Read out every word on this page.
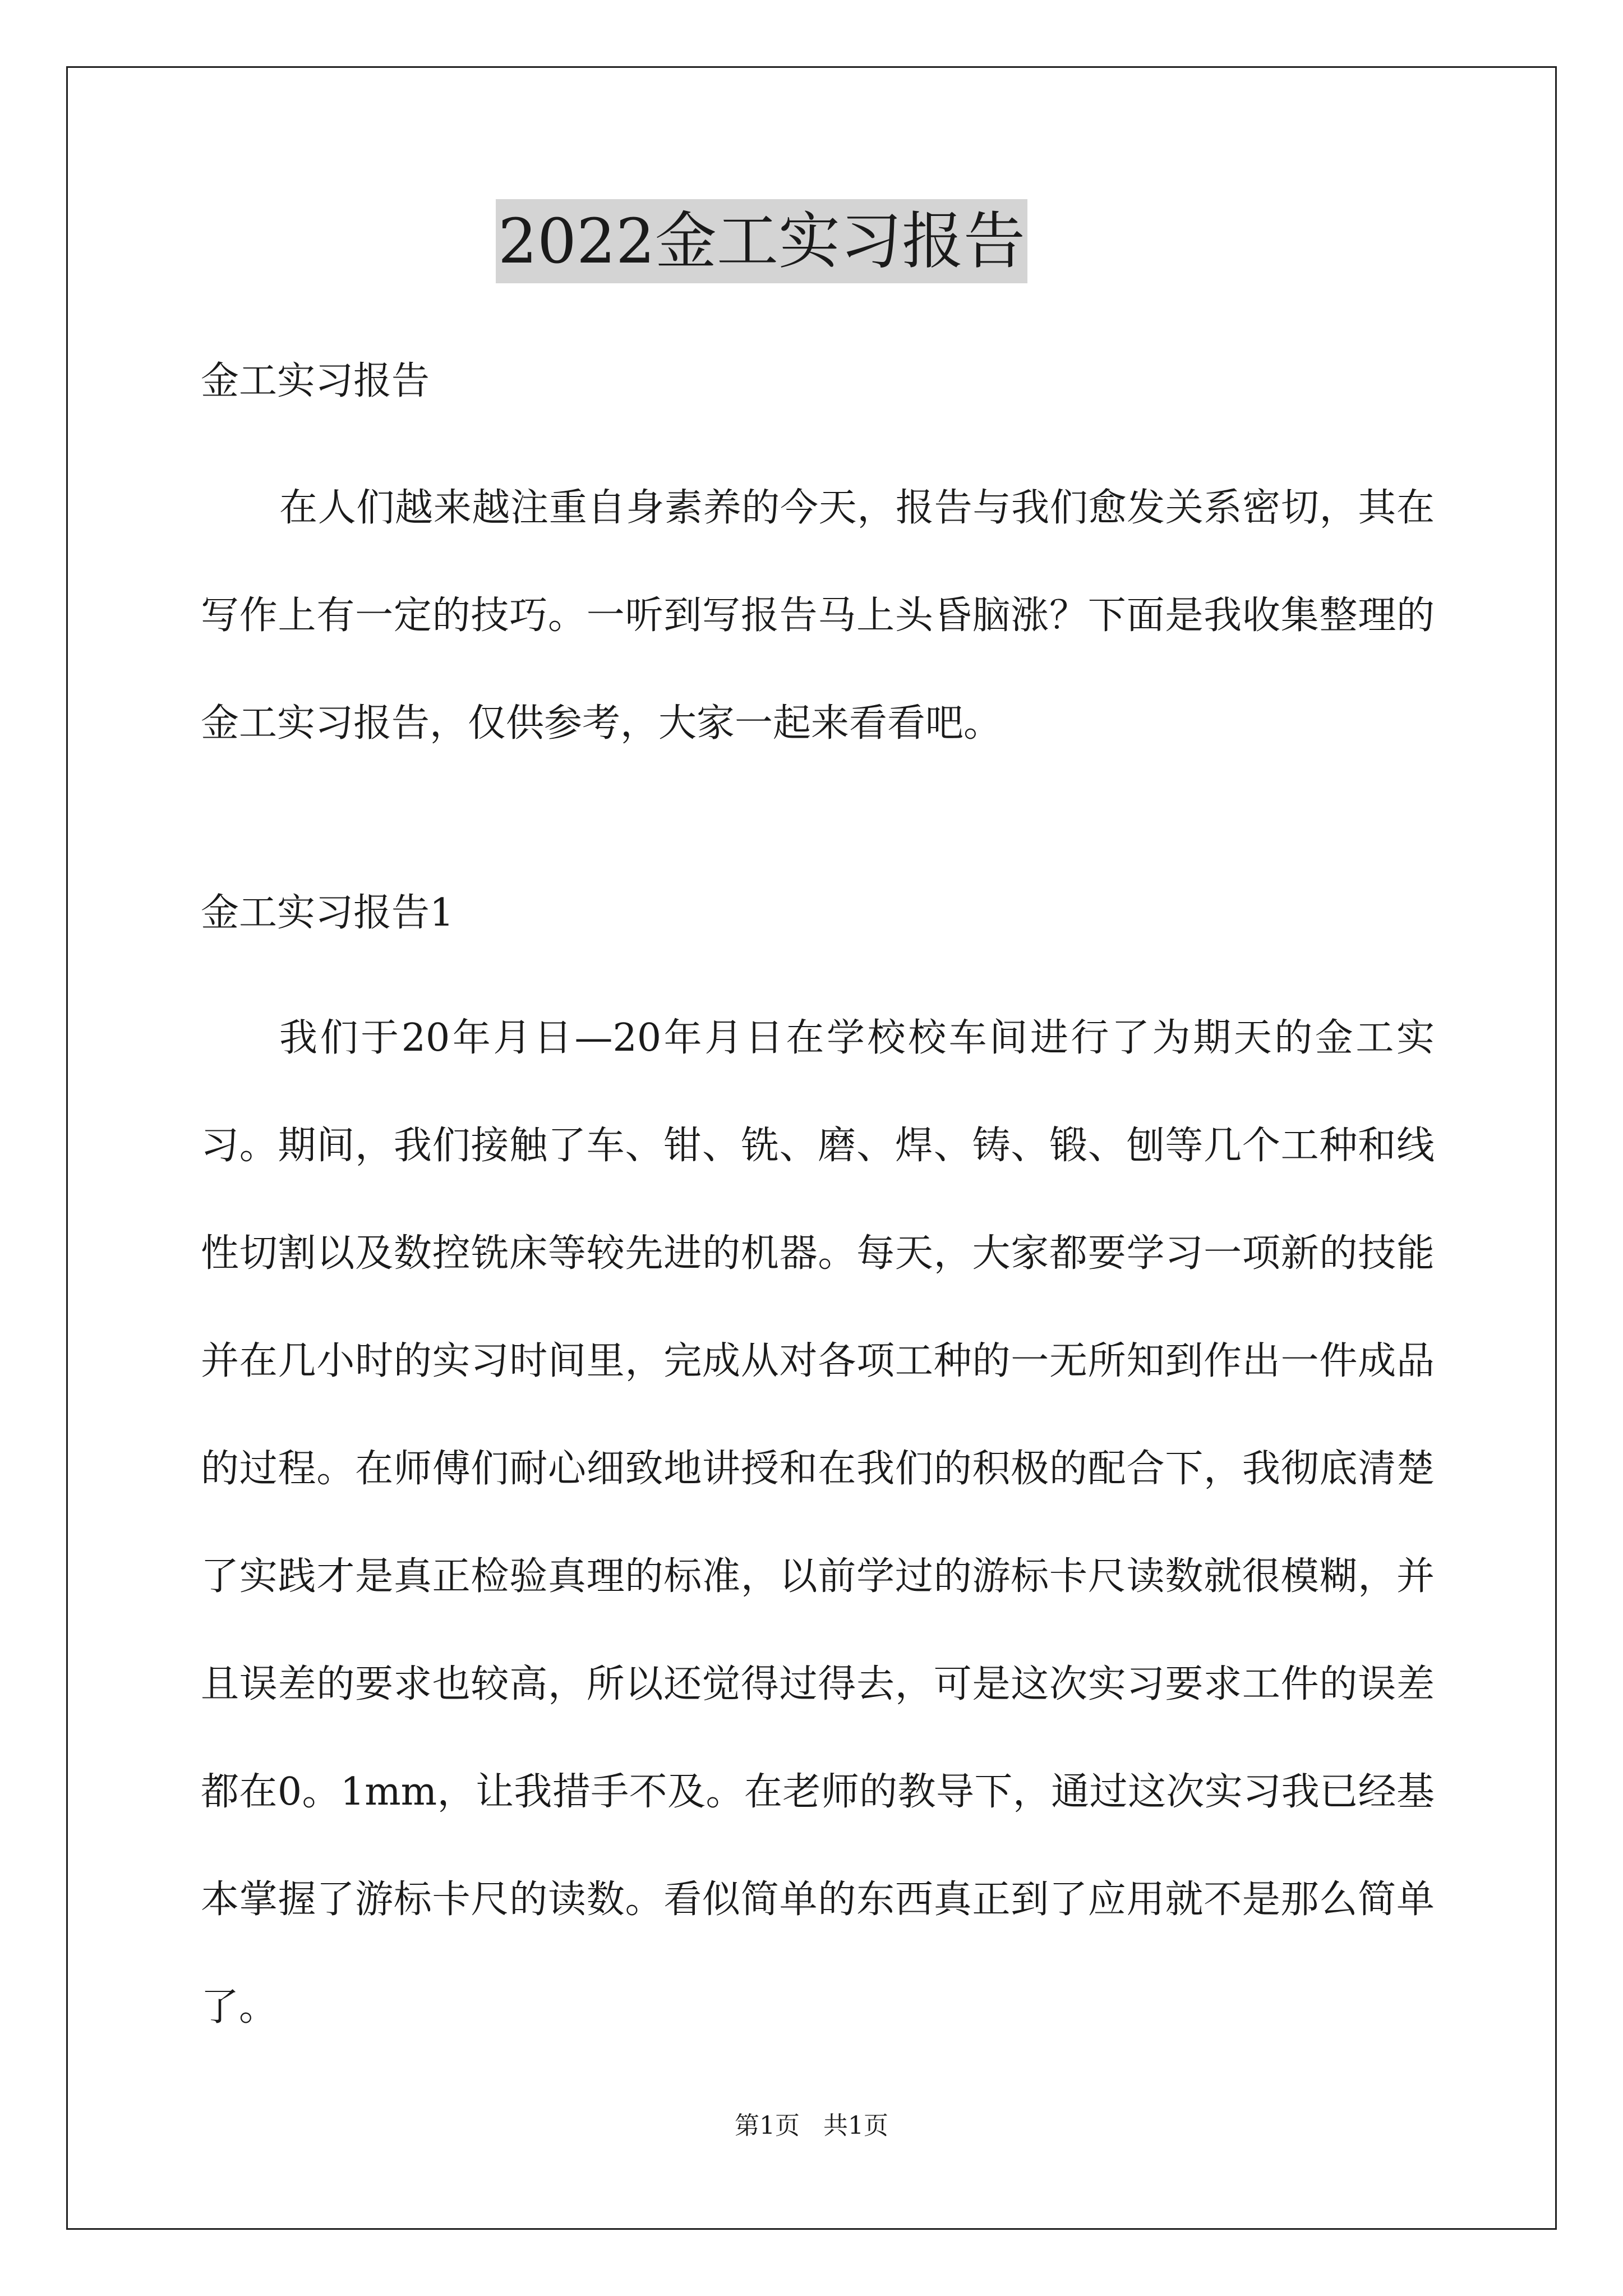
2022金工实习报告

金工实习报告

在人们越来越注重自身素养的今天，报告与我们愈发关系密切，其在写作上有一定的技巧。一听到写报告马上头昏脑涨？下面是我收集整理的金工实习报告，仅供参考，大家一起来看看吧。

金工实习报告1

我们于20年月日—20年月日在学校校车间进行了为期天的金工实习。期间，我们接触了车、钳、铣、磨、焊、铸、锻、刨等几个工种和线性切割以及数控铣床等较先进的机器。每天，大家都要学习一项新的技能并在几小时的实习时间里，完成从对各项工种的一无所知到作出一件成品的过程。在师傅们耐心细致地讲授和在我们的积极的配合下，我彻底清楚了实践才是真正检验真理的标准，以前学过的游标卡尺读数就很模糊，并且误差的要求也较高，所以还觉得过得去，可是这次实习要求工件的误差都在0。1mm，让我措手不及。在老师的教导下，通过这次实习我已经基本掌握了游标卡尺的读数。看似简单的东西真正到了应用就不是那么简单了。

第1页   共1页
